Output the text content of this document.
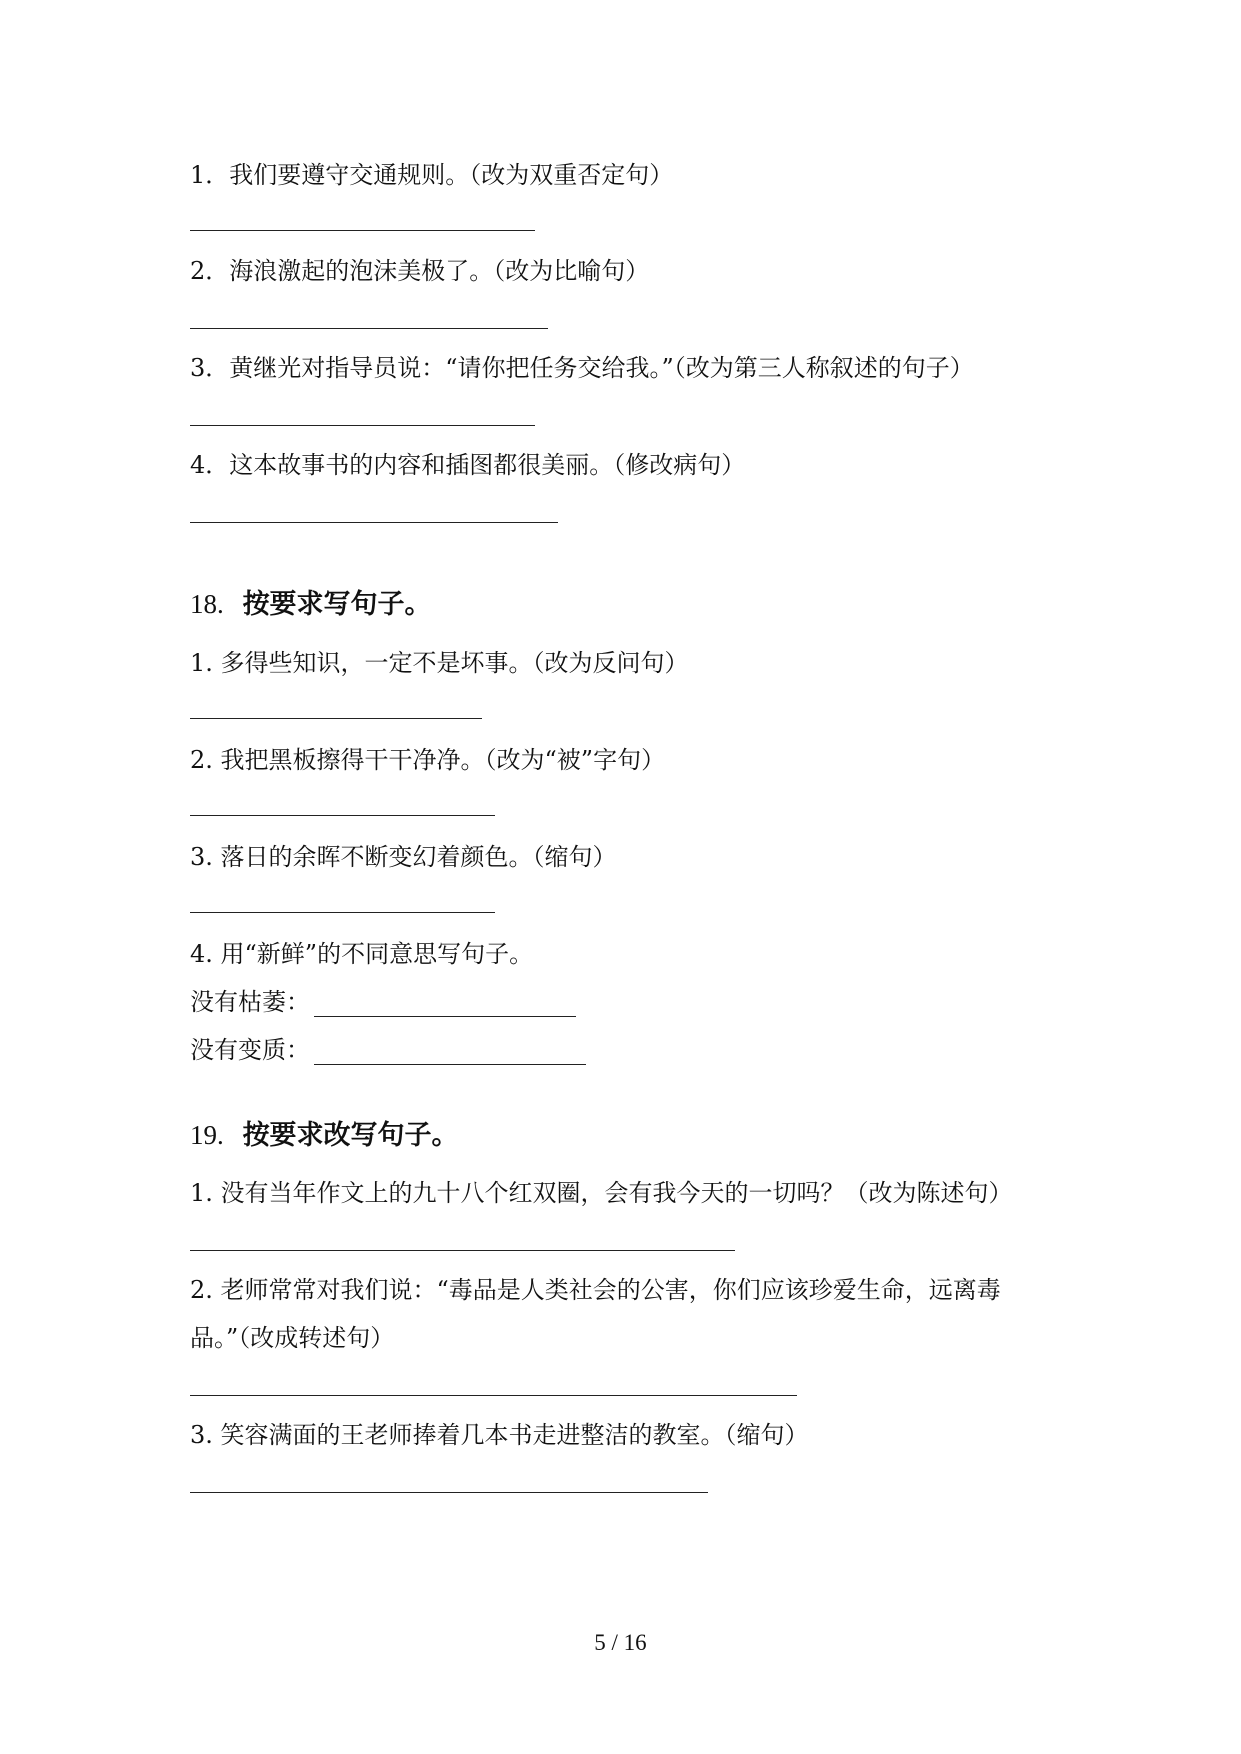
1．我们要遵守交通规则。（改为双重否定句）
2．海浪激起的泡沫美极了。（改为比喻句）
3．黄继光对指导员说：“请你把任务交给我。”（改为第三人称叙述的句子）
4．这本故事书的内容和插图都很美丽。（修改病句）
18. 按要求写句子。
1. 多得些知识，一定不是坏事。（改为反问句）
2. 我把黑板擦得干干净净。（改为“被”字句）
3. 落日的余晖不断变幻着颜色。（缩句）
4. 用“新鲜”的不同意思写句子。
没有枯萎：
没有变质：
19. 按要求改写句子。
1. 没有当年作文上的九十八个红双圈，会有我今天的一切吗？（改为陈述句）
2. 老师常常对我们说：“毒品是人类社会的公害，你们应该珍爱生命，远离毒
品。”（改成转述句）
3. 笑容满面的王老师捧着几本书走进整洁的教室。（缩句）
5 / 16
